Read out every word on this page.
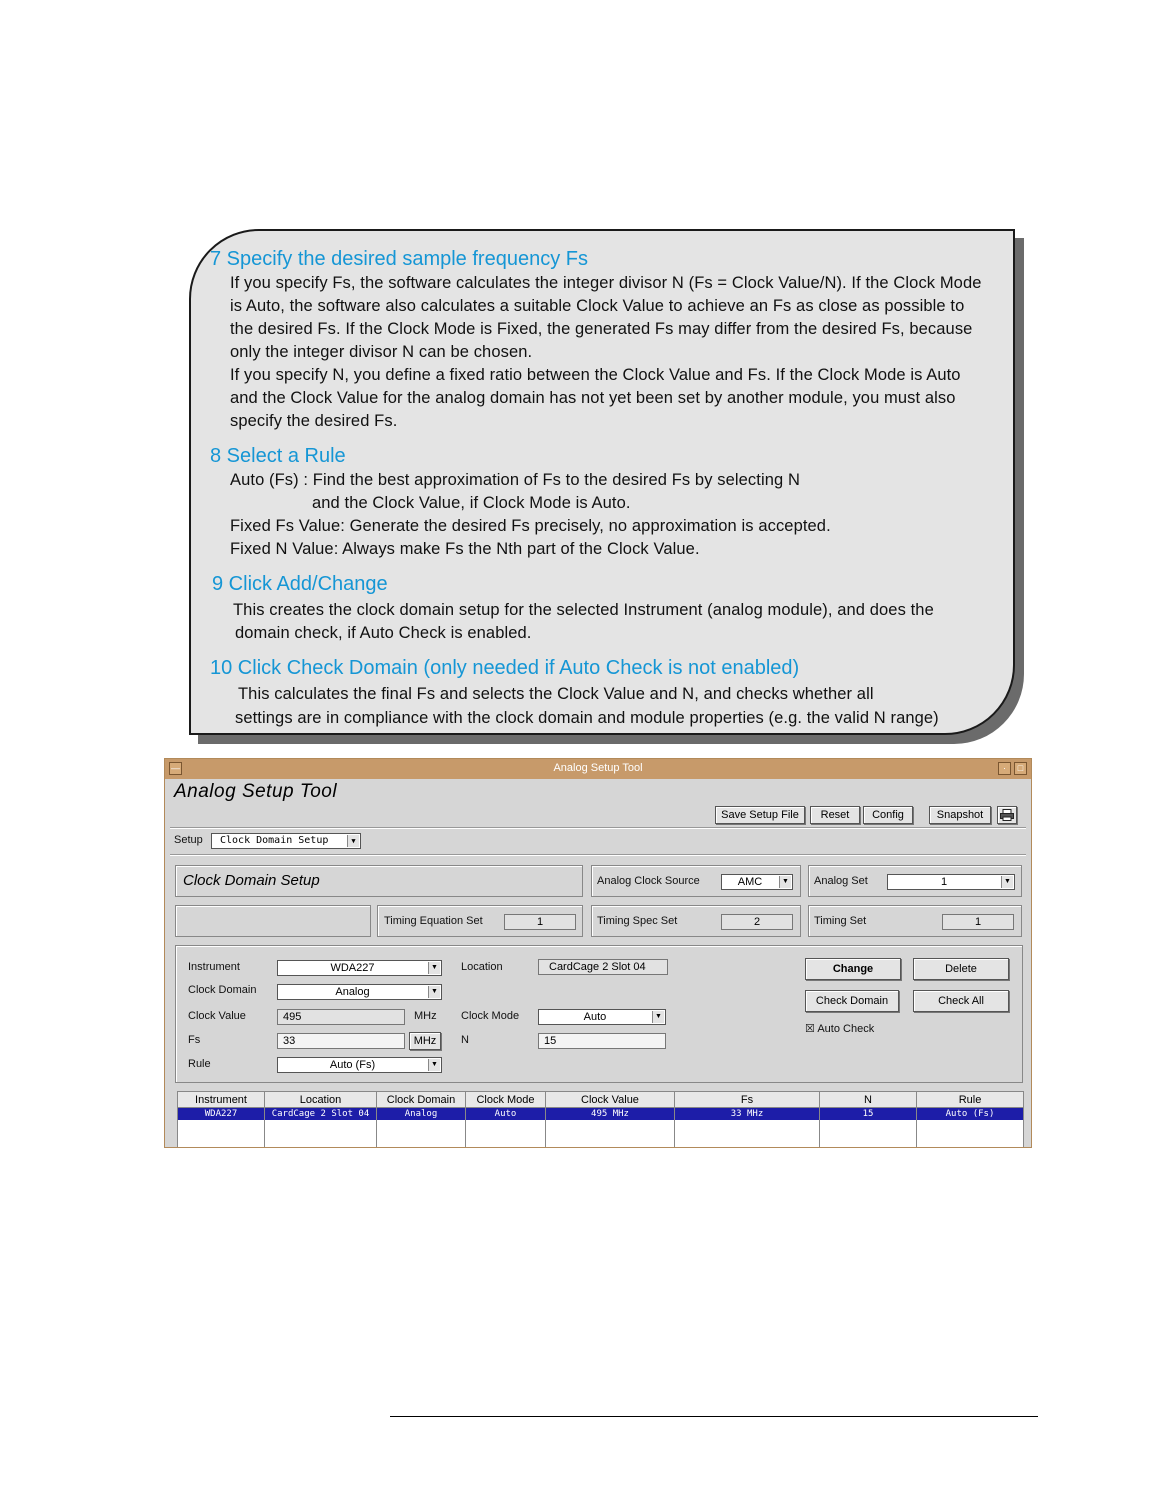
7 Specify the desired sample frequency Fs
If you specify Fs, the software calculates the integer divisor N (Fs = Clock Value/N). If the Clock Mode
is Auto, the software also calculates a suitable Clock Value to achieve an Fs as close as possible to
the desired Fs. If the Clock Mode is Fixed, the generated Fs may differ from the desired Fs, because
only the integer divisor N can be chosen.
If you specify N, you define a fixed ratio between the Clock Value and Fs. If the Clock Mode is Auto
and the Clock Value for the analog domain has not yet been set by another module, you must also
specify the desired Fs.
8 Select a Rule
Auto (Fs) : Find the best approximation of Fs to the desired Fs by selecting N
and the Clock Value, if Clock Mode is Auto.
Fixed Fs Value: Generate the desired Fs precisely, no approximation is accepted.
Fixed N Value: Always make Fs the Nth part of the Clock Value.
9 Click Add/Change
This creates the clock domain setup for the selected Instrument (analog module), and does the
domain check, if Auto Check is enabled.
10 Click Check Domain (only needed if Auto Check is not enabled)
This calculates the final Fs and selects the Clock Value and N, and checks whether all
settings are in compliance with the clock domain and module properties (e.g. the valid N range)
—	Analog Setup Tool	·	□
Analog Setup Tool
Save Setup File	Reset	Config	Snapshot
Setup	Clock Domain Setup	▼
Clock Domain Setup	Analog Clock Source	AMC	▼ Analog Set	1	▼
Timing Equation Set	1	Timing Spec Set	2	Timing Set	1
Instrument	WDA227	▼ Location	CardCage 2 Slot 04
Clock Domain	Analog	▼
Clock Value	495	MHz Clock Mode	Auto	▼
Fs	33	MHz	N	15
Rule	Auto (Fs)	▼
Change	Delete
Check Domain	Check All
☒ Auto Check
Instrument	Location	Clock Domain	Clock Mode	Clock Value	Fs	N	Rule
WDA227	CardCage 2 Slot 04	Analog	Auto	495 MHz	33 MHz	15	Auto (Fs)
